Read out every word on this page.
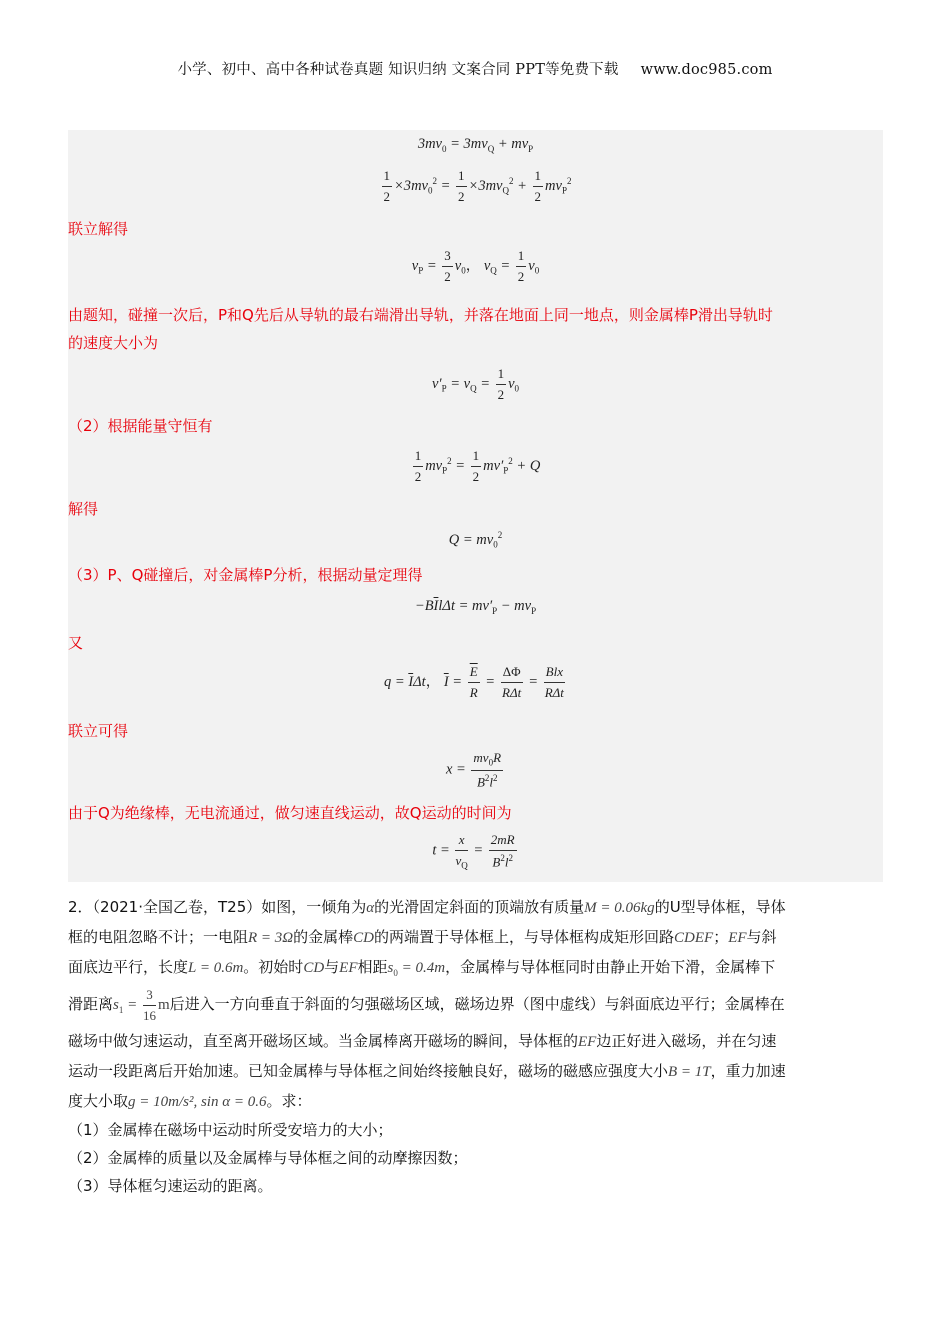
小学、初中、高中各种试卷真题 知识归纳 文案合同 PPT等免费下载 www.doc985.com
$3mv_0 = 3mv_Q + mv_P$
$\frac{1}{2} \times 3mv_0^2 = \frac{1}{2} \times 3mv_Q^2 + \frac{1}{2} mv_P^2$
联立解得
$v_P = \frac{3}{2} v_0$， $v_Q = \frac{1}{2} v_0$
由题知，碰撞一次后，P和Q先后从导轨的最右端滑出导轨，并落在地面上同一地点，则金属棒P滑出导轨时
的速度大小为
$v'_P = v_Q = \frac{1}{2} v_0$
（2）根据能量守恒有
$\frac{1}{2} mv_P^2 = \frac{1}{2} mv'_P^2 + Q$
解得
$Q = mv_0^2$
（3）P、Q碰撞后，对金属棒P分析，根据动量定理得
$-B\overline{I}l\Delta t = mv'_P - mv_P$
又
$q = \overline{I}\Delta t$， $\overline{I} = \frac{\overline{E}}{R} = \frac{\Delta\Phi}{\text{RΔt}} = \frac{\text{Blx}}{\text{RΔt}}$
联立可得
$x = \frac{mv_0R}{B^2l^2}$
由于Q为绝缘棒，无电流通过，做匀速直线运动，故Q运动的时间为
$t = \frac{x}{v_Q} = \frac{2mR}{B^2l^2}$
2．（2021·全国乙卷，T25）如图，一倾角为α的光滑固定斜面的顶端放有质量M = 0.06kg的U型导体框，导体
框的电阻忽略不计；一电阻R = 3Ω的金属棒CD的两端置于导体框上，与导体框构成矩形回路CDEF；EF与斜
面底边平行，长度L = 0.6m。初始时CD与EF相距$s_0 = 0.4m$，金属棒与导体框同时由静止开始下滑，金属棒下
滑距离$s_1 = \frac{3}{16}$ m后进入一方向垂直于斜面的匀强磁场区域，磁场边界（图中虚线）与斜面底边平行；金属棒在
磁场中做匀速运动，直至离开磁场区域。当金属棒离开磁场的瞬间，导体框的EF边正好进入磁场，并在匀速
运动一段距离后开始加速。已知金属棒与导体框之间始终接触良好，磁场的磁感应强度大小B = 1T，重力加速
度大小取g = 10m/s², sin α = 0.6。求：
（1）金属棒在磁场中运动时所受安培力的大小；
（2）金属棒的质量以及金属棒与导体框之间的动摩擦因数；
（3）导体框匀速运动的距离。
